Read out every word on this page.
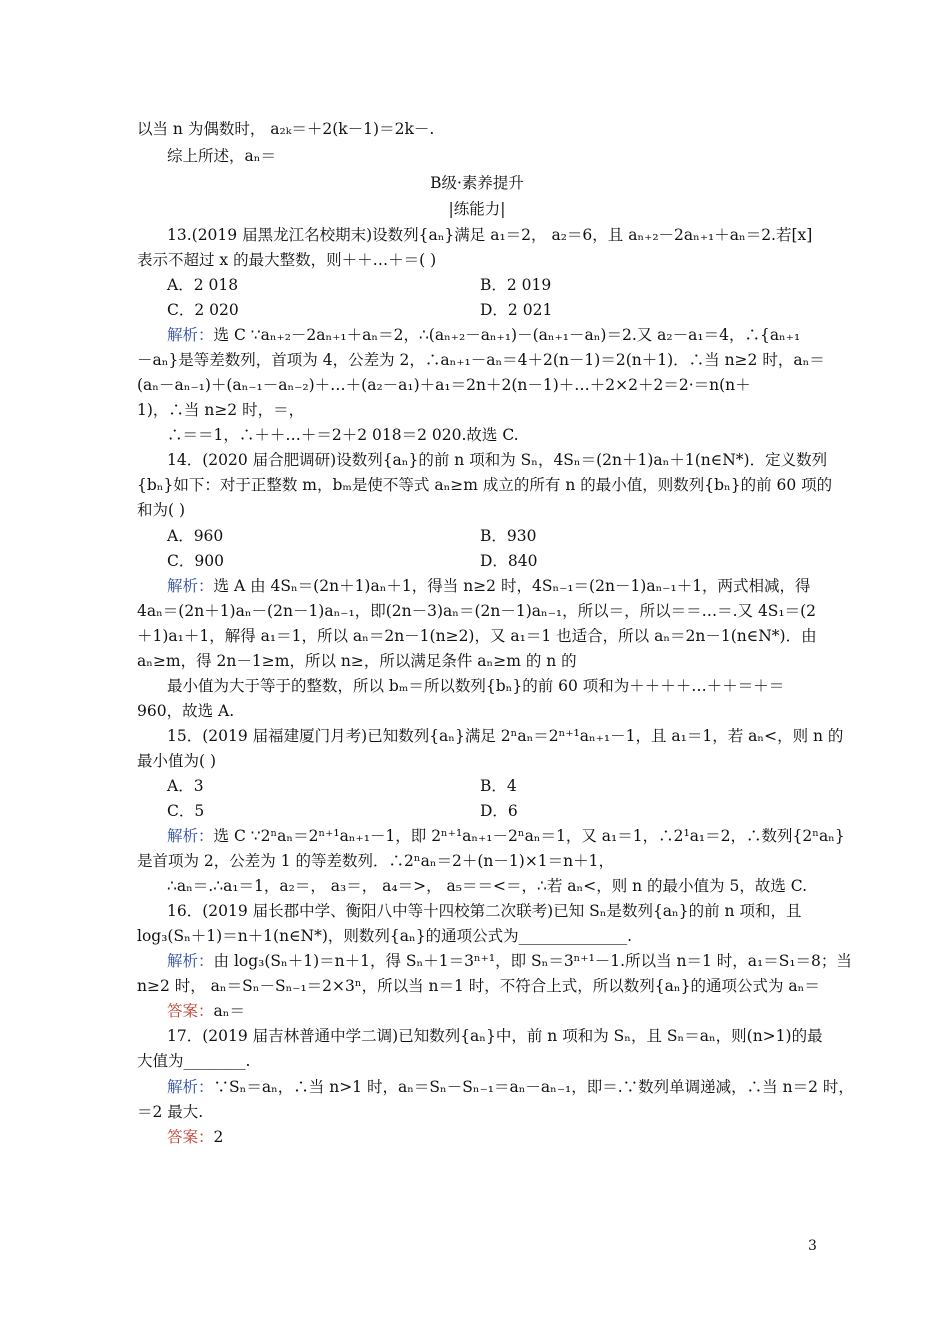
以当 n 为偶数时， a₂ₖ＝＋2(k－1)＝2k－.
综上所述，aₙ＝
B级·素养提升
|练能力|
13.(2019 届黑龙江名校期末)设数列{aₙ}满足 a₁＝2， a₂＝6，且 aₙ₊₂－2aₙ₊₁＋aₙ＝2.若[x]
表示不超过 x 的最大整数，则＋＋…＋＝( )
A．2 018	B．2 019
C．2 020	D．2 021
解析：选 C ∵aₙ₊₂－2aₙ₊₁＋aₙ＝2，∴(aₙ₊₂－aₙ₊₁)－(aₙ₊₁－aₙ)＝2.又 a₂－a₁＝4，∴{aₙ₊₁
－aₙ}是等差数列，首项为 4，公差为 2，∴aₙ₊₁－aₙ＝4＋2(n－1)＝2(n＋1)．∴当 n≥2 时，aₙ＝
(aₙ－aₙ₋₁)＋(aₙ₋₁－aₙ₋₂)＋…＋(a₂－a₁)＋a₁＝2n＋2(n－1)＋…＋2×2＋2＝2·＝n(n＋
1)，∴当 n≥2 时，＝，
∴＝＝1，∴＋＋…＋＝2＋2 018＝2 020.故选 C.
14．(2020 届合肥调研)设数列{aₙ}的前 n 项和为 Sₙ，4Sₙ＝(2n＋1)aₙ＋1(n∈N*)．定义数列
{bₙ}如下：对于正整数 m，bₘ是使不等式 aₙ≥m 成立的所有 n 的最小值，则数列{bₙ}的前 60 项的
和为( )
A．960	B．930
C．900	D．840
解析：选 A 由 4Sₙ＝(2n＋1)aₙ＋1，得当 n≥2 时，4Sₙ₋₁＝(2n－1)aₙ₋₁＋1，两式相减，得
4aₙ＝(2n＋1)aₙ－(2n－1)aₙ₋₁，即(2n－3)aₙ＝(2n－1)aₙ₋₁，所以＝，所以＝＝…＝.又 4S₁＝(2
＋1)a₁＋1，解得 a₁＝1，所以 aₙ＝2n－1(n≥2)，又 a₁＝1 也适合，所以 aₙ＝2n－1(n∈N*)．由
aₙ≥m，得 2n－1≥m，所以 n≥，所以满足条件 aₙ≥m 的 n 的
最小值为大于等于的整数，所以 bₘ＝所以数列{bₙ}的前 60 项和为＋＋＋＋…＋＋＝＋＝
960，故选 A.
15．(2019 届福建厦门月考)已知数列{aₙ}满足 2ⁿaₙ＝2ⁿ⁺¹aₙ₊₁－1，且 a₁＝1，若 aₙ<，则 n 的
最小值为( )
A．3	B．4
C．5	D．6
解析：选 C ∵2ⁿaₙ＝2ⁿ⁺¹aₙ₊₁－1，即 2ⁿ⁺¹aₙ₊₁－2ⁿaₙ＝1，又 a₁＝1，∴2¹a₁＝2，∴数列{2ⁿaₙ}
是首项为 2，公差为 1 的等差数列．∴2ⁿaₙ＝2＋(n－1)×1＝n＋1，
∴aₙ＝.∴a₁＝1，a₂＝， a₃＝， a₄＝>， a₅＝＝<＝，∴若 aₙ<，则 n 的最小值为 5，故选 C.
16．(2019 届长郡中学、衡阳八中等十四校第二次联考)已知 Sₙ是数列{aₙ}的前 n 项和，且
log₃(Sₙ＋1)＝n＋1(n∈N*)，则数列{aₙ}的通项公式为______________.
解析：由 log₃(Sₙ＋1)＝n＋1，得 Sₙ＋1＝3ⁿ⁺¹，即 Sₙ＝3ⁿ⁺¹－1.所以当 n＝1 时，a₁＝S₁＝8；当
n≥2 时， aₙ＝Sₙ－Sₙ₋₁＝2×3ⁿ，所以当 n＝1 时，不符合上式，所以数列{aₙ}的通项公式为 aₙ＝
答案：aₙ＝
17．(2019 届吉林普通中学二调)已知数列{aₙ}中，前 n 项和为 Sₙ，且 Sₙ＝aₙ，则(n>1)的最
大值为________.
解析：∵Sₙ＝aₙ，∴当 n>1 时，aₙ＝Sₙ－Sₙ₋₁＝aₙ－aₙ₋₁，即＝.∵数列单调递减，∴当 n＝2 时，
＝2 最大.
答案：2
3
